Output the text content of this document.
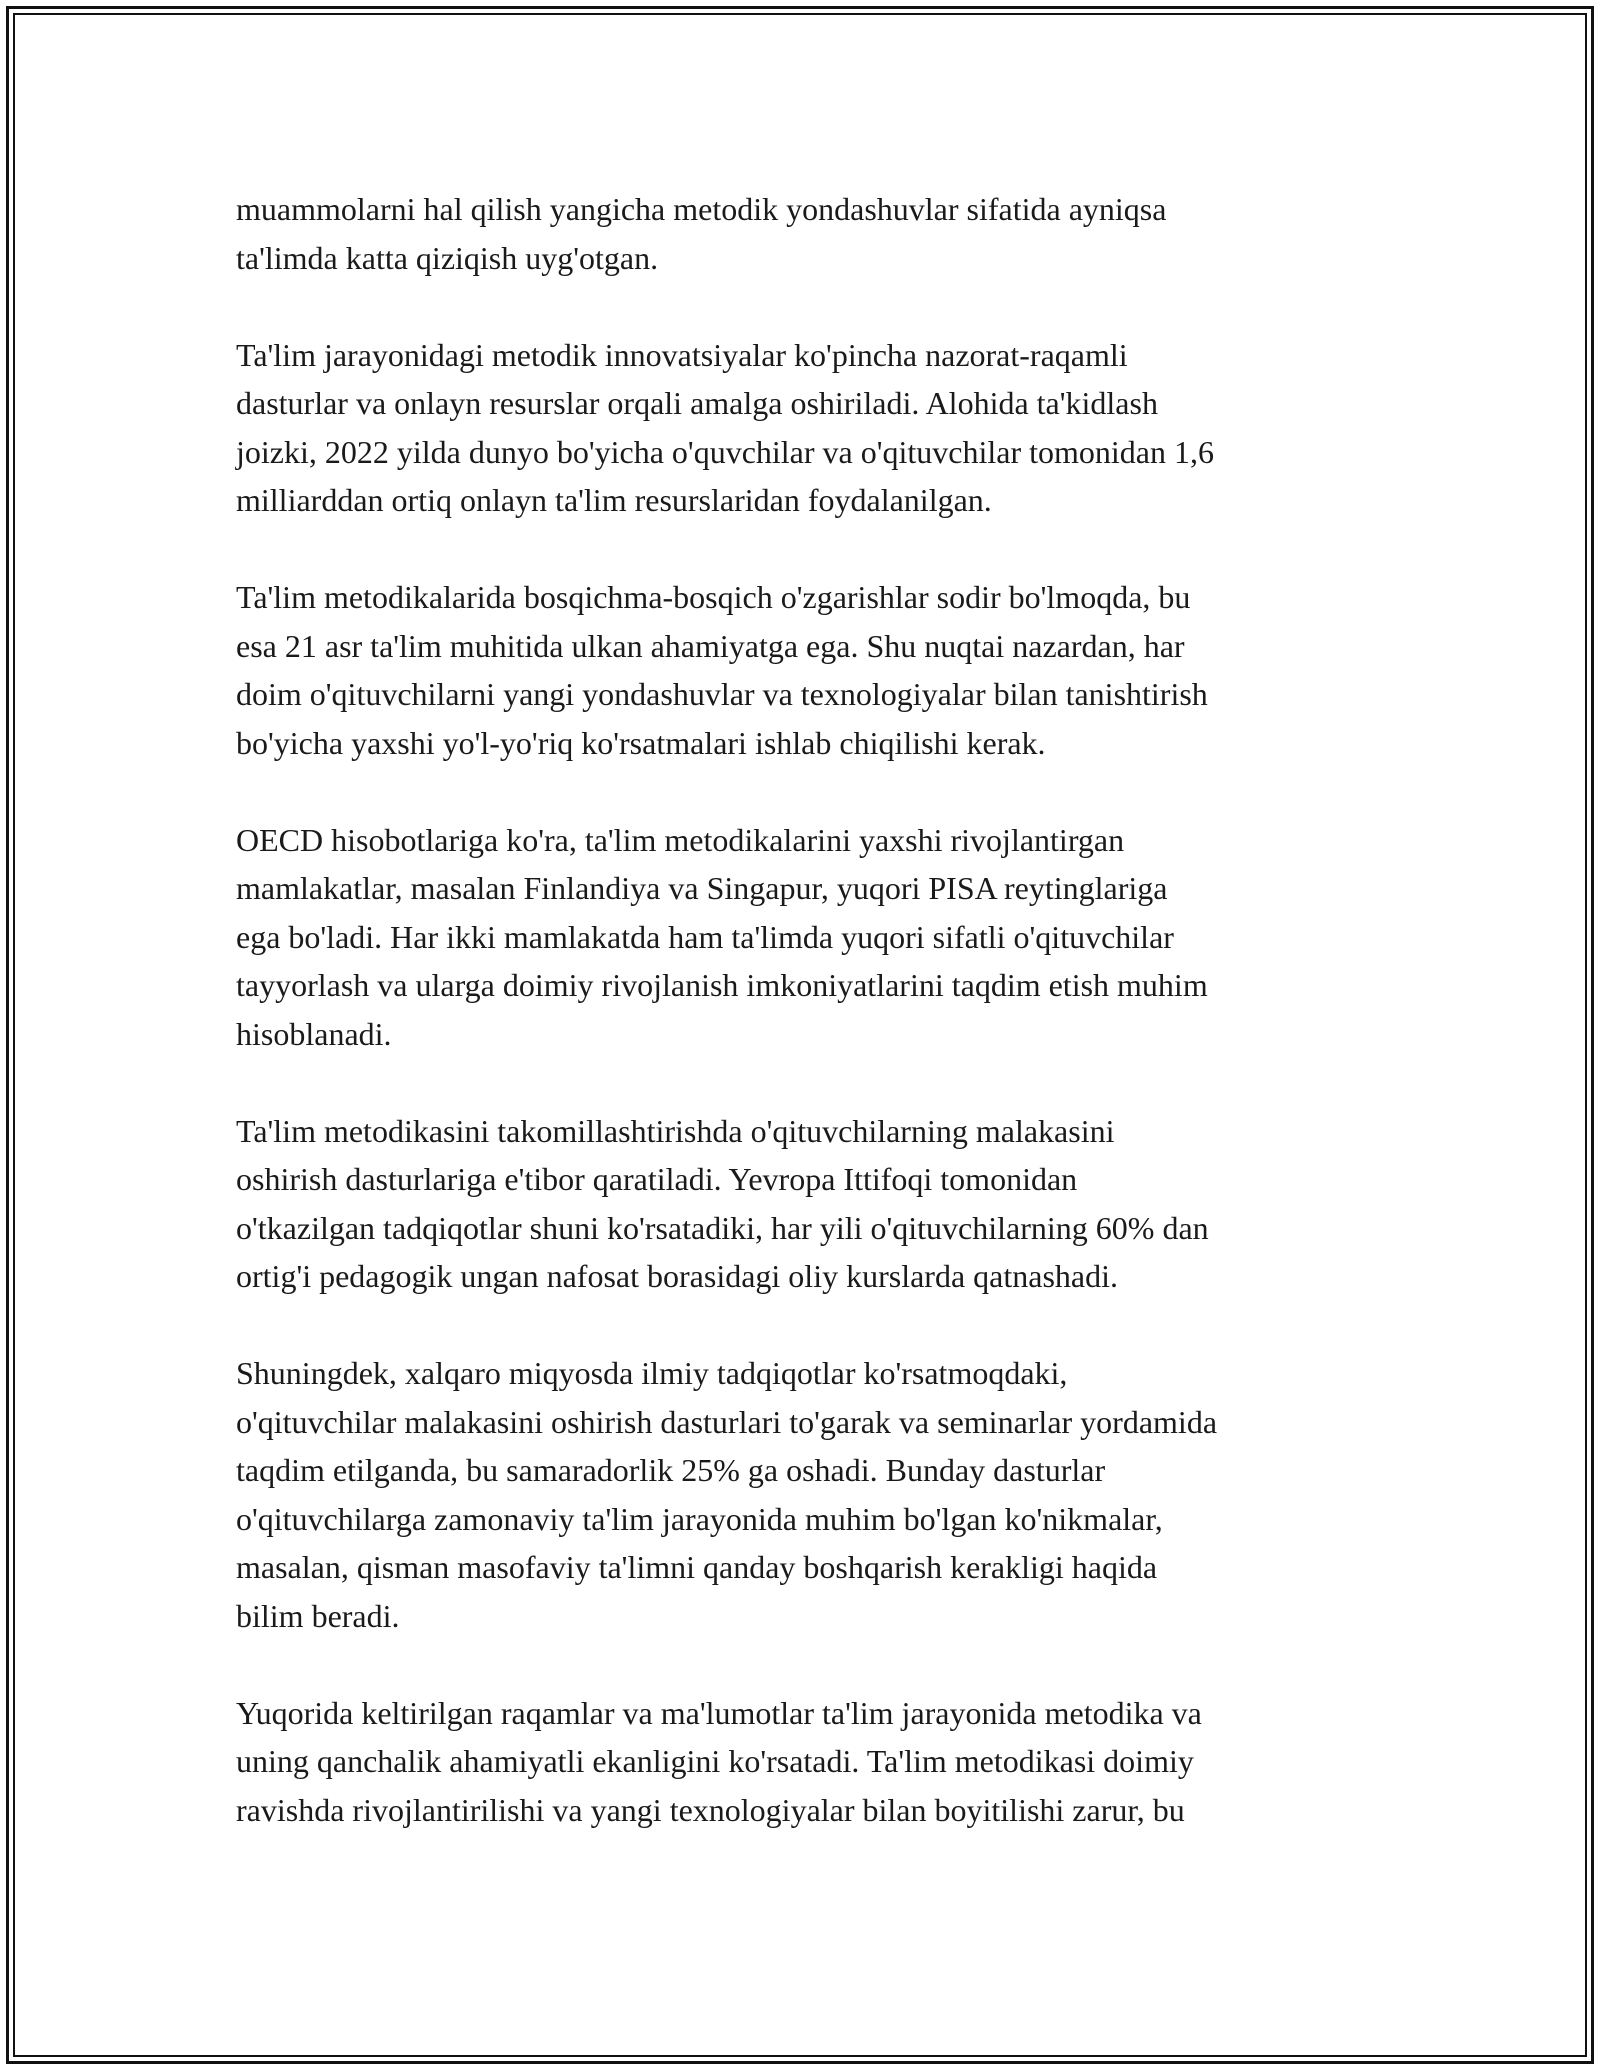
muammolarni hal qilish yangicha metodik yondashuvlar sifatida ayniqsa
ta'limda katta qiziqish uyg'otgan.

Ta'lim jarayonidagi metodik innovatsiyalar ko'pincha nazorat-raqamli
dasturlar va onlayn resurslar orqali amalga oshiriladi. Alohida ta'kidlash
joizki, 2022 yilda dunyo bo'yicha o'quvchilar va o'qituvchilar tomonidan 1,6
milliarddan ortiq onlayn ta'lim resurslaridan foydalanilgan.

Ta'lim metodikalarida bosqichma-bosqich o'zgarishlar sodir bo'lmoqda, bu
esa 21 asr ta'lim muhitida ulkan ahamiyatga ega. Shu nuqtai nazardan, har
doim o'qituvchilarni yangi yondashuvlar va texnologiyalar bilan tanishtirish
bo'yicha yaxshi yo'l-yo'riq ko'rsatmalari ishlab chiqilishi kerak.

OECD hisobotlariga ko'ra, ta'lim metodikalarini yaxshi rivojlantirgan
mamlakatlar, masalan Finlandiya va Singapur, yuqori PISA reytinglariga
ega bo'ladi. Har ikki mamlakatda ham ta'limda yuqori sifatli o'qituvchilar
tayyorlash va ularga doimiy rivojlanish imkoniyatlarini taqdim etish muhim
hisoblanadi.

Ta'lim metodikasini takomillashtirishda o'qituvchilarning malakasini
oshirish dasturlariga e'tibor qaratiladi. Yevropa Ittifoqi tomonidan
o'tkazilgan tadqiqotlar shuni ko'rsatadiki, har yili o'qituvchilarning 60% dan
ortig'i pedagogik ungan nafosat borasidagi oliy kurslarda qatnashadi.

Shuningdek, xalqaro miqyosda ilmiy tadqiqotlar ko'rsatmoqdaki,
o'qituvchilar malakasini oshirish dasturlari to'garak va seminarlar yordamida
taqdim etilganda, bu samaradorlik 25% ga oshadi. Bunday dasturlar
o'qituvchilarga zamonaviy ta'lim jarayonida muhim bo'lgan ko'nikmalar,
masalan, qisman masofaviy ta'limni qanday boshqarish kerakligi haqida
bilim beradi.

Yuqorida keltirilgan raqamlar va ma'lumotlar ta'lim jarayonida metodika va
uning qanchalik ahamiyatli ekanligini ko'rsatadi. Ta'lim metodikasi doimiy
ravishda rivojlantirilishi va yangi texnologiyalar bilan boyitilishi zarur, bu
